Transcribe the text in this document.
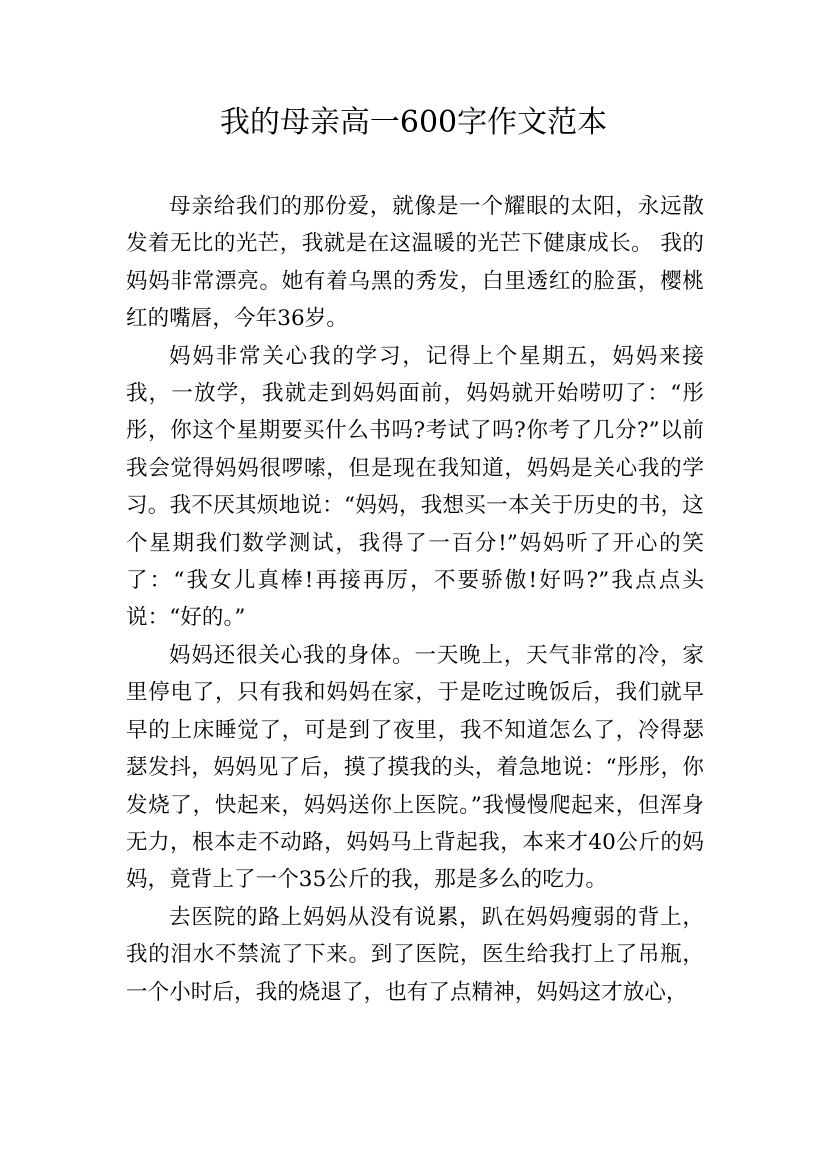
我的母亲高一600字作文范本

母亲给我们的那份爱，就像是一个耀眼的太阳，永远散发着无比的光芒，我就是在这温暖的光芒下健康成长。 我的妈妈非常漂亮。她有着乌黑的秀发，白里透红的脸蛋，樱桃红的嘴唇，今年36岁。

妈妈非常关心我的学习，记得上个星期五，妈妈来接我，一放学，我就走到妈妈面前，妈妈就开始唠叨了：“彤彤，你这个星期要买什么书吗?考试了吗?你考了几分?”以前我会觉得妈妈很啰嗦，但是现在我知道，妈妈是关心我的学习。我不厌其烦地说：“妈妈，我想买一本关于历史的书，这个星期我们数学测试，我得了一百分!”妈妈听了开心的笑了：“我女儿真棒!再接再厉，不要骄傲!好吗?”我点点头说：“好的。”

妈妈还很关心我的身体。一天晚上，天气非常的冷，家里停电了，只有我和妈妈在家，于是吃过晚饭后，我们就早早的上床睡觉了，可是到了夜里，我不知道怎么了，冷得瑟瑟发抖，妈妈见了后，摸了摸我的头，着急地说：“彤彤，你发烧了，快起来，妈妈送你上医院。”我慢慢爬起来，但浑身无力，根本走不动路，妈妈马上背起我，本来才40公斤的妈妈，竟背上了一个35公斤的我，那是多么的吃力。

去医院的路上妈妈从没有说累，趴在妈妈瘦弱的背上，我的泪水不禁流了下来。到了医院，医生给我打上了吊瓶，一个小时后，我的烧退了，也有了点精神，妈妈这才放心，
